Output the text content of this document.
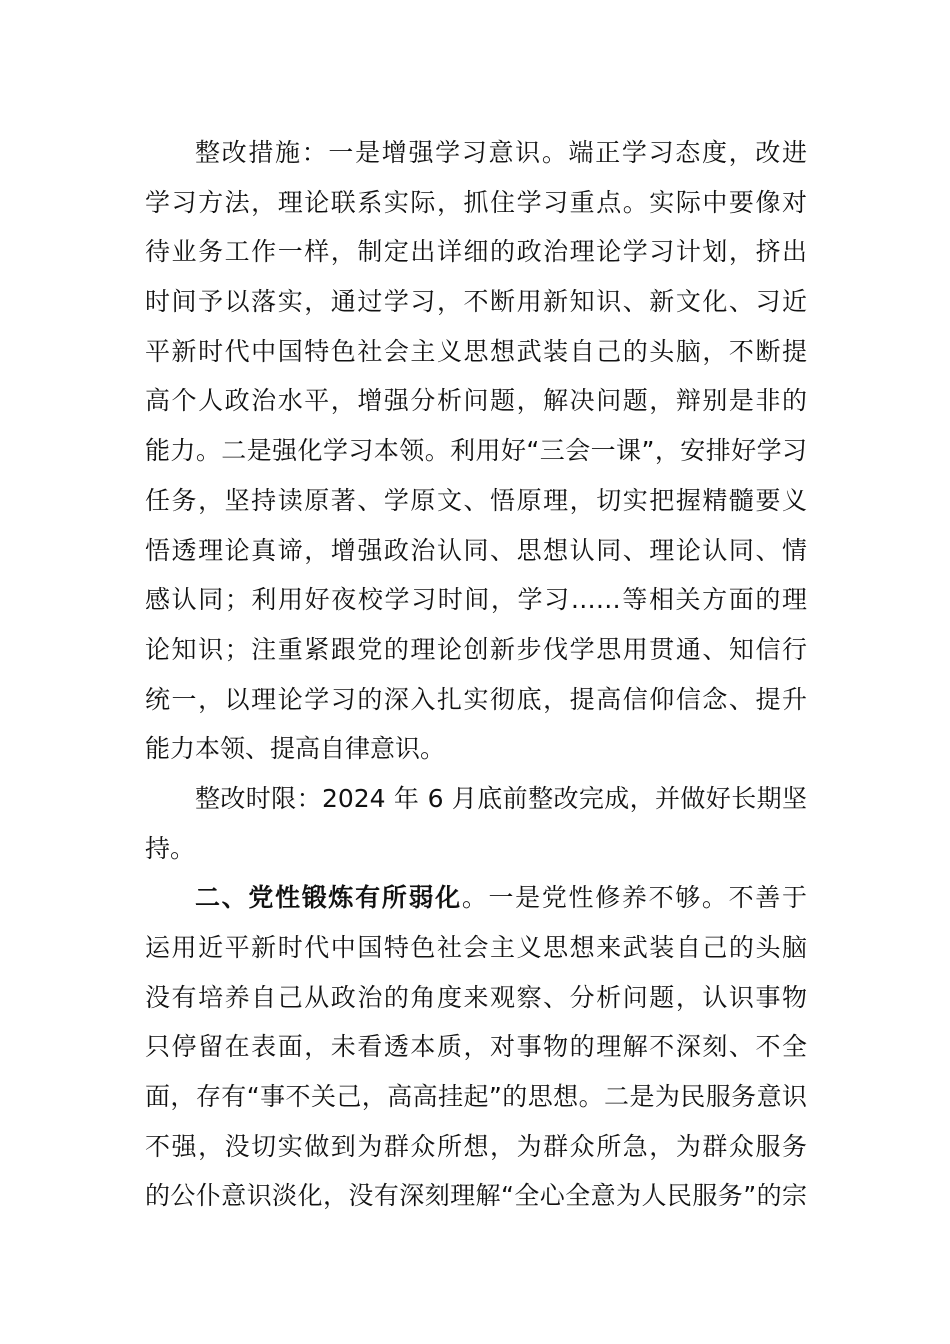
整改措施：一是增强学习意识。端正学习态度，改进
学习方法，理论联系实际，抓住学习重点。实际中要像对
待业务工作一样，制定出详细的政治理论学习计划，挤出
时间予以落实，通过学习，不断用新知识、新文化、习近
平新时代中国特色社会主义思想武装自己的头脑，不断提
高个人政治水平，增强分析问题，解决问题，辩别是非的
能力。二是强化学习本领。利用好“三会一课”，安排好学习
任务，坚持读原著、学原文、悟原理，切实把握精髓要义
悟透理论真谛，增强政治认同、思想认同、理论认同、情
感认同；利用好夜校学习时间，学习……等相关方面的理
论知识；注重紧跟党的理论创新步伐学思用贯通、知信行
统一，以理论学习的深入扎实彻底，提高信仰信念、提升
能力本领、提高自律意识。
整改时限：2024 年 6 月底前整改完成，并做好长期坚
持。
二、党性锻炼有所弱化。一是党性修养不够。不善于
运用近平新时代中国特色社会主义思想来武装自己的头脑
没有培养自己从政治的角度来观察、分析问题，认识事物
只停留在表面，未看透本质，对事物的理解不深刻、不全
面，存有“事不关己，高高挂起”的思想。二是为民服务意识
不强，没切实做到为群众所想，为群众所急，为群众服务
的公仆意识淡化，没有深刻理解“全心全意为人民服务”的宗
